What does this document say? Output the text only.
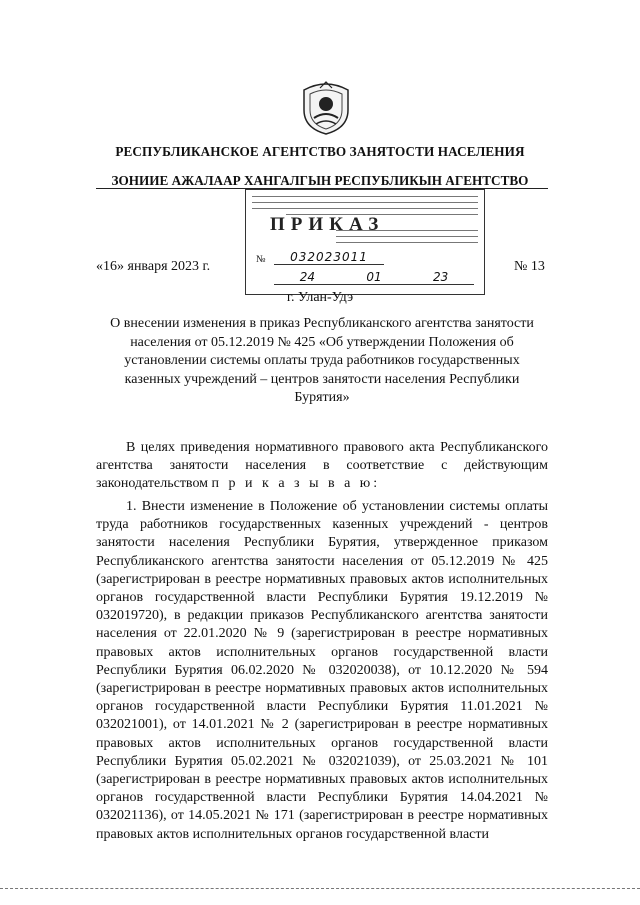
РЕСПУБЛИКАНСКОЕ АГЕНТСТВО ЗАНЯТОСТИ НАСЕЛЕНИЯ
ЗОНИИЕ АЖАЛААР ХАНГАЛГЫН РЕСПУБЛИКЫН АГЕНТСТВО
ПРИКАЗ
№	032023011
24	01	23
«16» января 2023 г.	№ 13
г. Улан-Удэ
О внесении изменения в приказ Республиканского агентства занятости населения от 05.12.2019 № 425 «Об утверждении Положения об установлении системы оплаты труда работников государственных казенных учреждений – центров занятости населения Республики Бурятия»
В целях приведения нормативного правового акта Республиканского агентства занятости населения в соответствие с действующим законодательством п р и к а з ы в а ю:
1. Внести изменение в Положение об установлении системы оплаты труда работников государственных казенных учреждений - центров занятости населения Республики Бурятия, утвержденное приказом Республиканского агентства занятости населения от 05.12.2019 № 425 (зарегистрирован в реестре нормативных правовых актов исполнительных органов государственной власти Республики Бурятия 19.12.2019 № 032019720), в редакции приказов Республиканского агентства занятости населения от 22.01.2020 № 9 (зарегистрирован в реестре нормативных правовых актов исполнительных органов государственной власти Республики Бурятия 06.02.2020 № 032020038), от 10.12.2020 № 594 (зарегистрирован в реестре нормативных правовых актов исполнительных органов государственной власти Республики Бурятия 11.01.2021 № 032021001), от 14.01.2021 № 2 (зарегистрирован в реестре нормативных правовых актов исполнительных органов государственной власти Республики Бурятия 05.02.2021 № 032021039), от 25.03.2021 № 101 (зарегистрирован в реестре нормативных правовых актов исполнительных органов государственной власти Республики Бурятия 14.04.2021 № 032021136), от 14.05.2021 № 171 (зарегистрирован в реестре нормативных правовых актов исполнительных органов государственной власти
